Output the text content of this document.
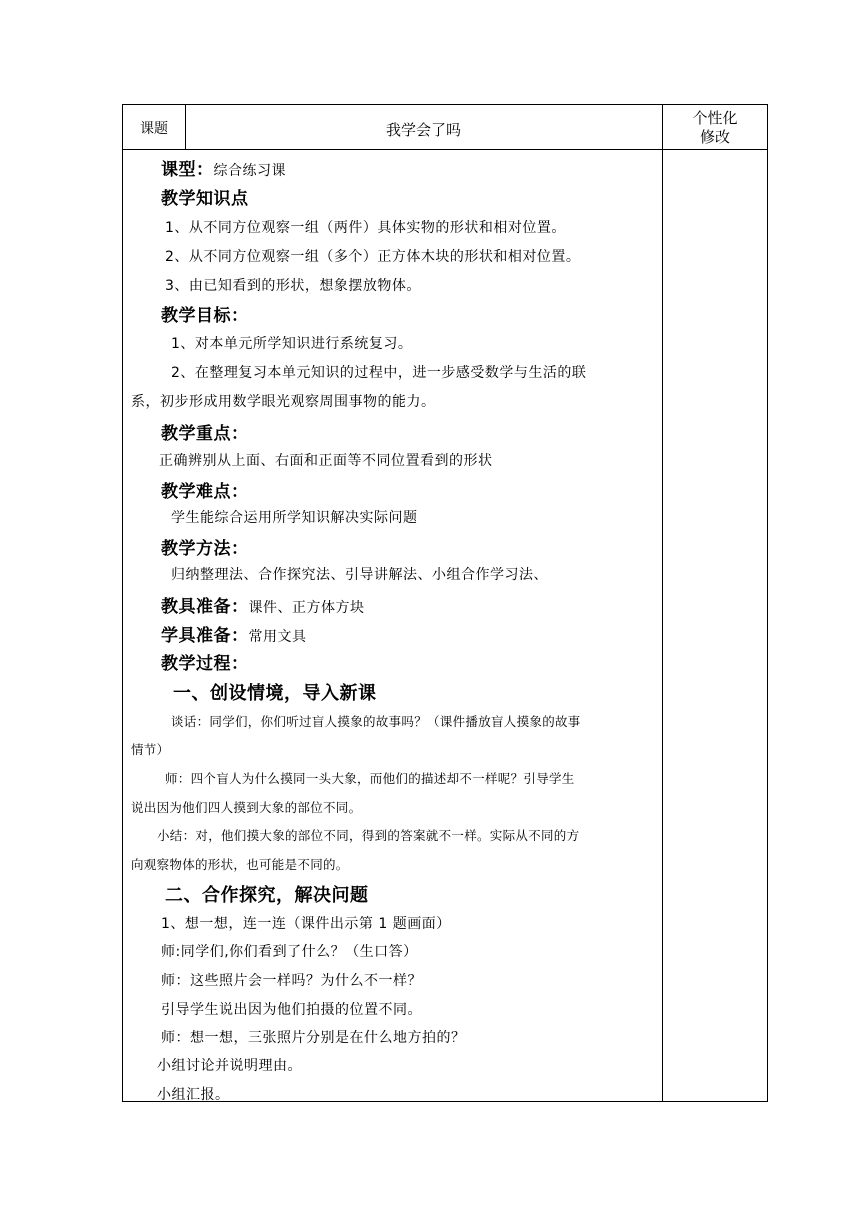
课题	我学会了吗
个性化
修改
课型：综合练习课
教学知识点
1、从不同方位观察一组（两件）具体实物的形状和相对位置。
2、从不同方位观察一组（多个）正方体木块的形状和相对位置。
3、由已知看到的形状，想象摆放物体。
教学目标：
1、对本单元所学知识进行系统复习。
2、在整理复习本单元知识的过程中，进一步感受数学与生活的联
系，初步形成用数学眼光观察周围事物的能力。
教学重点：
正确辨别从上面、右面和正面等不同位置看到的形状
教学难点：
学生能综合运用所学知识解决实际问题
教学方法：
归纳整理法、合作探究法、引导讲解法、小组合作学习法、
教具准备：课件、正方体方块
学具准备：常用文具
教学过程：
一、创设情境，导入新课
谈话：同学们，你们听过盲人摸象的故事吗？（课件播放盲人摸象的故事
情节）
师：四个盲人为什么摸同一头大象，而他们的描述却不一样呢？引导学生
说出因为他们四人摸到大象的部位不同。
小结：对，他们摸大象的部位不同，得到的答案就不一样。实际从不同的方
向观察物体的形状，也可能是不同的。
二、合作探究，解决问题
1、想一想，连一连（课件出示第 1 题画面）
师:同学们,你们看到了什么？（生口答）
师：这些照片会一样吗？为什么不一样？
引导学生说出因为他们拍摄的位置不同。
师：想一想，三张照片分别是在什么地方拍的？
小组讨论并说明理由。
小组汇报。
